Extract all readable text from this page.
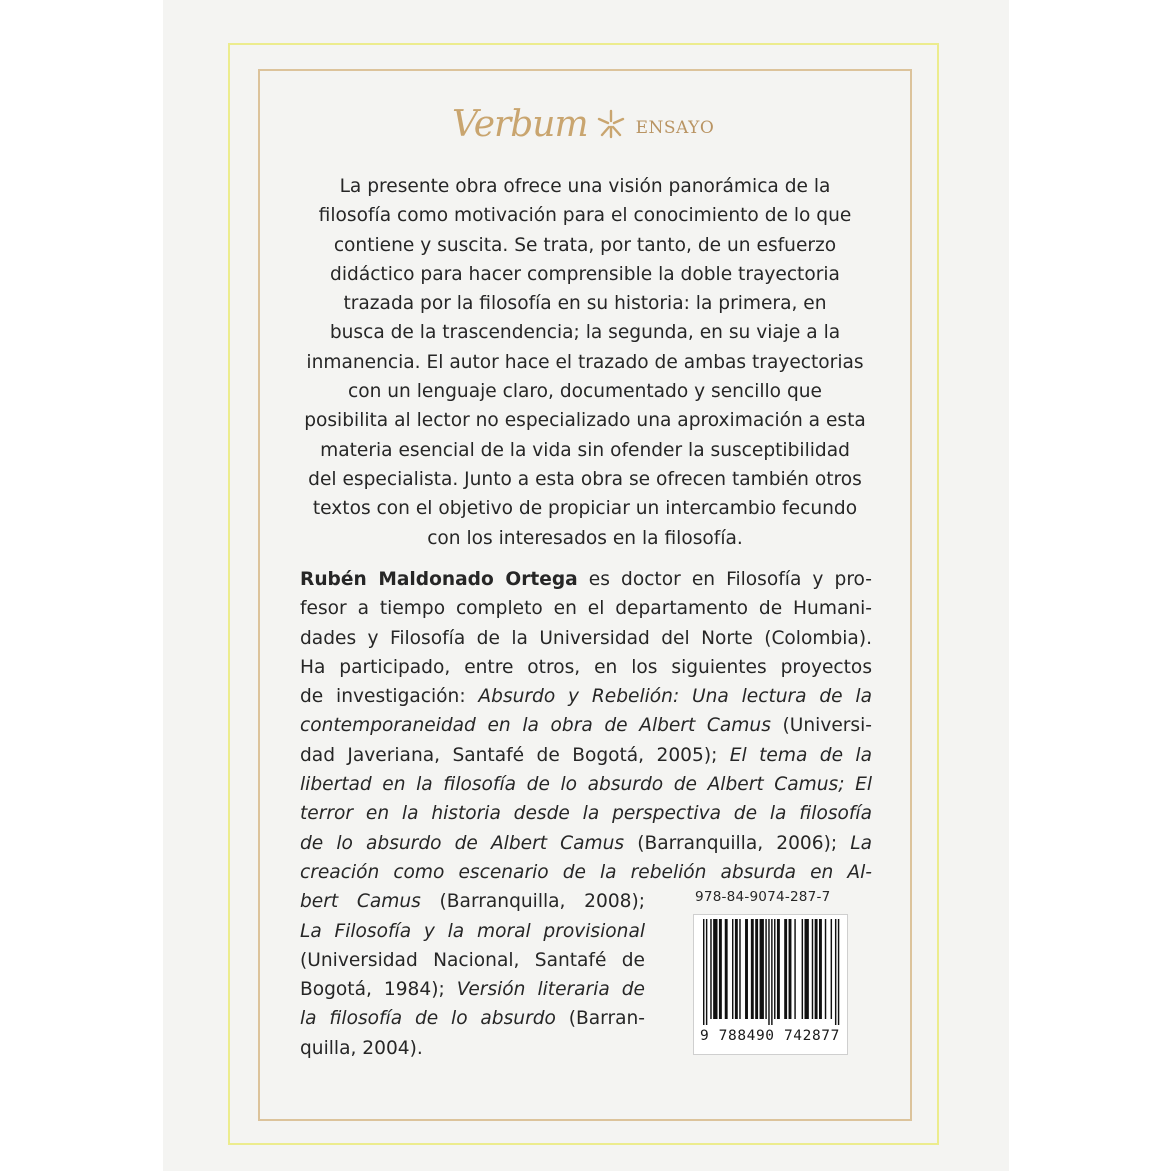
Verbum	ENSAYO
La presente obra ofrece una visión panorámica de la
filosofía como motivación para el conocimiento de lo que
contiene y suscita. Se trata, por tanto, de un esfuerzo
didáctico para hacer comprensible la doble trayectoria
trazada por la filosofía en su historia: la primera, en
busca de la trascendencia; la segunda, en su viaje a la
inmanencia. El autor hace el trazado de ambas trayectorias
con un lenguaje claro, documentado y sencillo que
posibilita al lector no especializado una aproximación a esta
materia esencial de la vida sin ofender la susceptibilidad
del especialista. Junto a esta obra se ofrecen también otros
textos con el objetivo de propiciar un intercambio fecundo
con los interesados en la filosofía.
Rubén Maldonado Ortega es doctor en Filosofía y pro-
fesor a tiempo completo en el departamento de Humani-
dades y Filosofía de la Universidad del Norte (Colombia).
Ha participado, entre otros, en los siguientes proyectos
de investigación: Absurdo y Rebelión: Una lectura de la
contemporaneidad en la obra de Albert Camus (Universi-
dad Javeriana, Santafé de Bogotá, 2005); El tema de la
libertad en la filosofía de lo absurdo de Albert Camus; El
terror en la historia desde la perspectiva de la filosofía
de lo absurdo de Albert Camus (Barranquilla, 2006); La
creación como escenario de la rebelión absurda en Al-
bert Camus (Barranquilla, 2008);
La Filosofía y la moral provisional
(Universidad Nacional, Santafé de
Bogotá, 1984); Versión literaria de
la filosofía de lo absurdo (Barran-
quilla, 2004).
978-84-9074-287-7
9 788490 742877
